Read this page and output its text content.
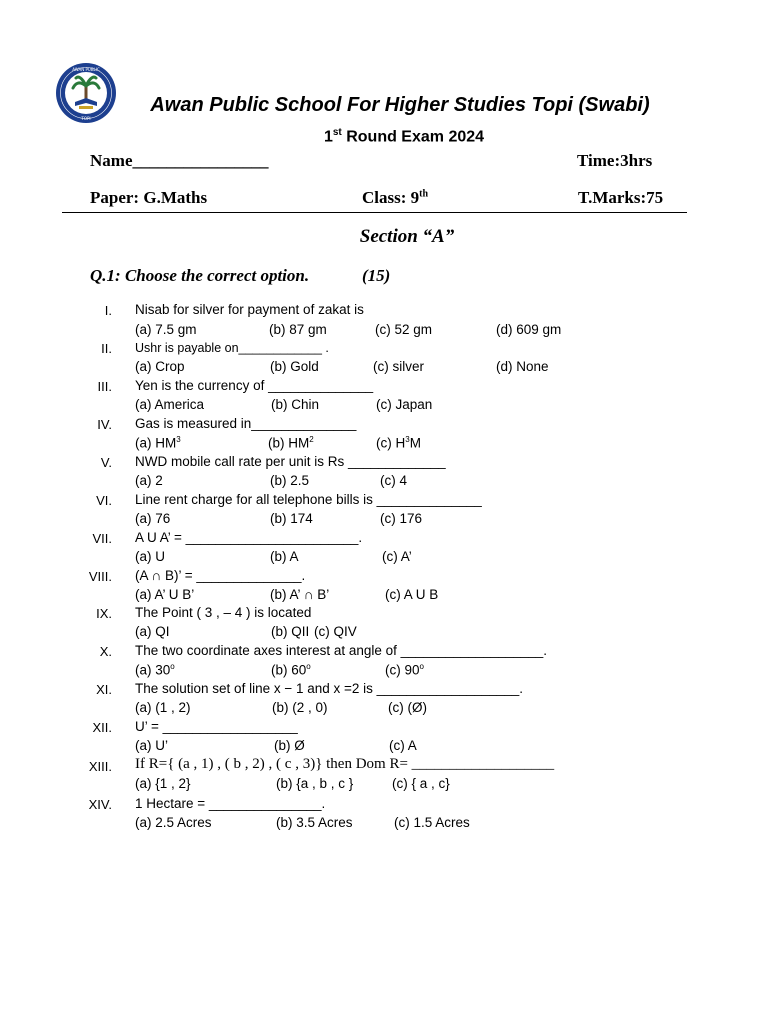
AWAN PUBLIC
TOPI
Awan Public School For Higher Studies Topi (Swabi)
1st Round Exam 2024
Name________________	Time:3hrs
Paper: G.Maths	Class: 9th	T.Marks:75
Section “A”
Q.1: Choose the correct option.	(15)
I. Nisab for silver for payment of zakat is
(a) 7.5 gm	(b) 87 gm	(c) 52 gm	(d) 609 gm
II. Ushr is payable on____________ .
(a) Crop	(b) Gold	(c) silver	(d) None
III. Yen is the currency of ______________
(a) America	(b) Chin	(c) Japan
IV. Gas is measured in______________
(a) $HM^3$	(b) $HM^2$	(c) $H^3M$
V. NWD mobile call rate per unit is Rs _____________
(a) 2	(b) 2.5	(c) 4
VI. Line rent charge for all telephone bills is ______________
(a) 76	(b) 174	(c) 176
VII. A U A’ = _______________________.
(a) U	(b) A	(c) A’
VIII. (A ∩ B)’ = ______________.
(a) A’ U B’	(b) A’ ∩ B’	(c) A U B
IX. The Point ( 3 , – 4 ) is located
(a) QI	(b) QII (c) QIV
X. The two coordinate axes interest at angle of ___________________.
(a) 30$^o$	(b) 60$^o$	(c) 90$^o$
XI. The solution set of line x − 1 and x =2 is ___________________.
(a) (1 , 2)	(b) (2 , 0)	(c) (Ø)
XII. U’ = __________________
(a) U’	(b) Ø	(c) A
XIII. If R={ (a , 1) , ( b , 2) , ( c , 3)} then Dom R= ___________________
(a) {1 , 2}	(b) {a , b , c }	(c) { a , c}
XIV. 1 Hectare = _______________.
(a) 2.5 Acres	(b) 3.5 Acres	(c) 1.5 Acres
